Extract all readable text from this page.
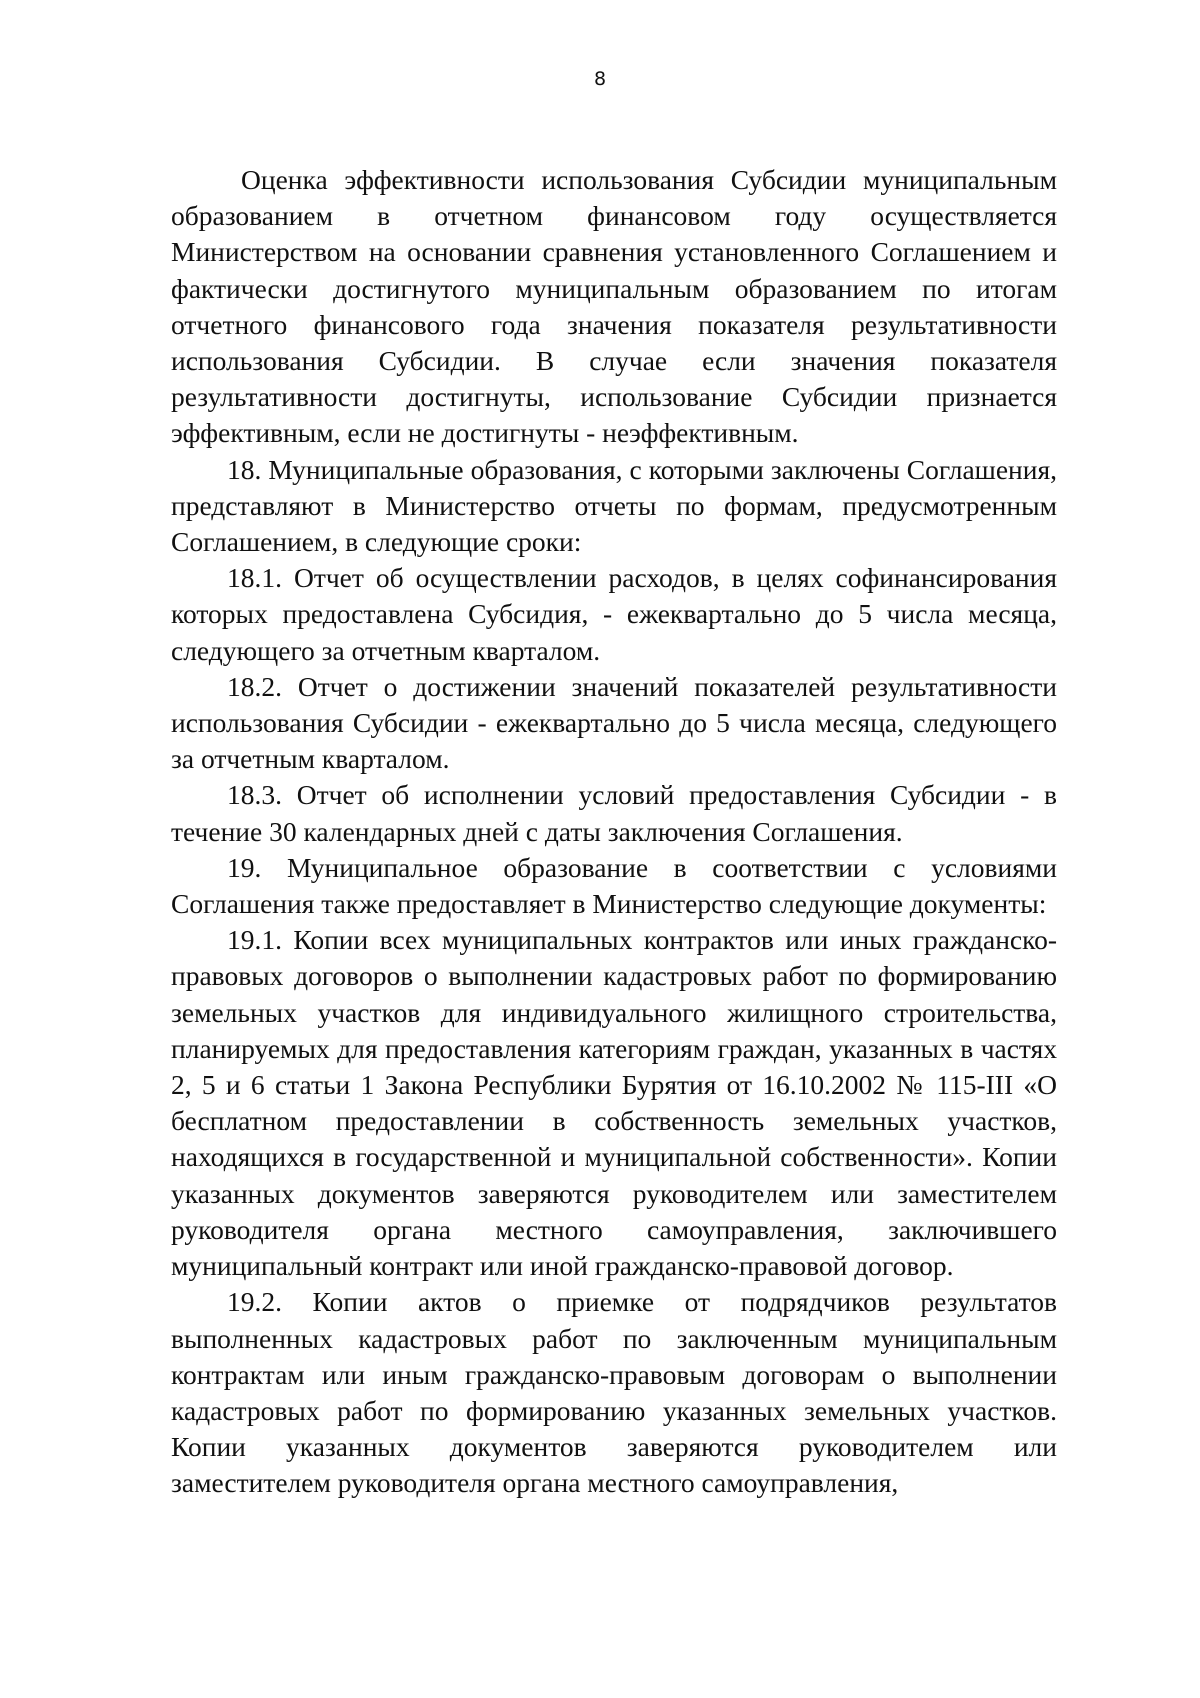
8

Оценка эффективности использования Субсидии муниципальным образованием в отчетном финансовом году осуществляется Министерством на основании сравнения установленного Соглашением и фактически достигнутого муниципальным образованием по итогам отчетного финансового года значения показателя результативности использования Субсидии. В случае если значения показателя результативности достигнуты, использование Субсидии признается эффективным, если не достигнуты - неэффективным.

18. Муниципальные образования, с которыми заключены Соглашения, представляют в Министерство отчеты по формам, предусмотренным Соглашением, в следующие сроки:

18.1. Отчет об осуществлении расходов, в целях софинансирования которых предоставлена Субсидия, - ежеквартально до 5 числа месяца, следующего за отчетным кварталом.

18.2. Отчет о достижении значений показателей результативности использования Субсидии - ежеквартально до 5 числа месяца, следующего за отчетным кварталом.

18.3. Отчет об исполнении условий предоставления Субсидии - в течение 30 календарных дней с даты заключения Соглашения.

19. Муниципальное образование в соответствии с условиями Соглашения также предоставляет в Министерство следующие документы:

19.1. Копии всех муниципальных контрактов или иных гражданско-правовых договоров о выполнении кадастровых работ по формированию земельных участков для индивидуального жилищного строительства, планируемых для предоставления категориям граждан, указанных в частях 2, 5 и 6 статьи 1 Закона Республики Бурятия от 16.10.2002 № 115-III «О бесплатном предоставлении в собственность земельных участков, находящихся в государственной и муниципальной собственности». Копии указанных документов заверяются руководителем или заместителем руководителя органа местного самоуправления, заключившего муниципальный контракт или иной гражданско-правовой договор.

19.2. Копии актов о приемке от подрядчиков результатов выполненных кадастровых работ по заключенным муниципальным контрактам или иным гражданско-правовым договорам о выполнении кадастровых работ по формированию указанных земельных участков. Копии указанных документов заверяются руководителем или заместителем руководителя органа местного самоуправления,
